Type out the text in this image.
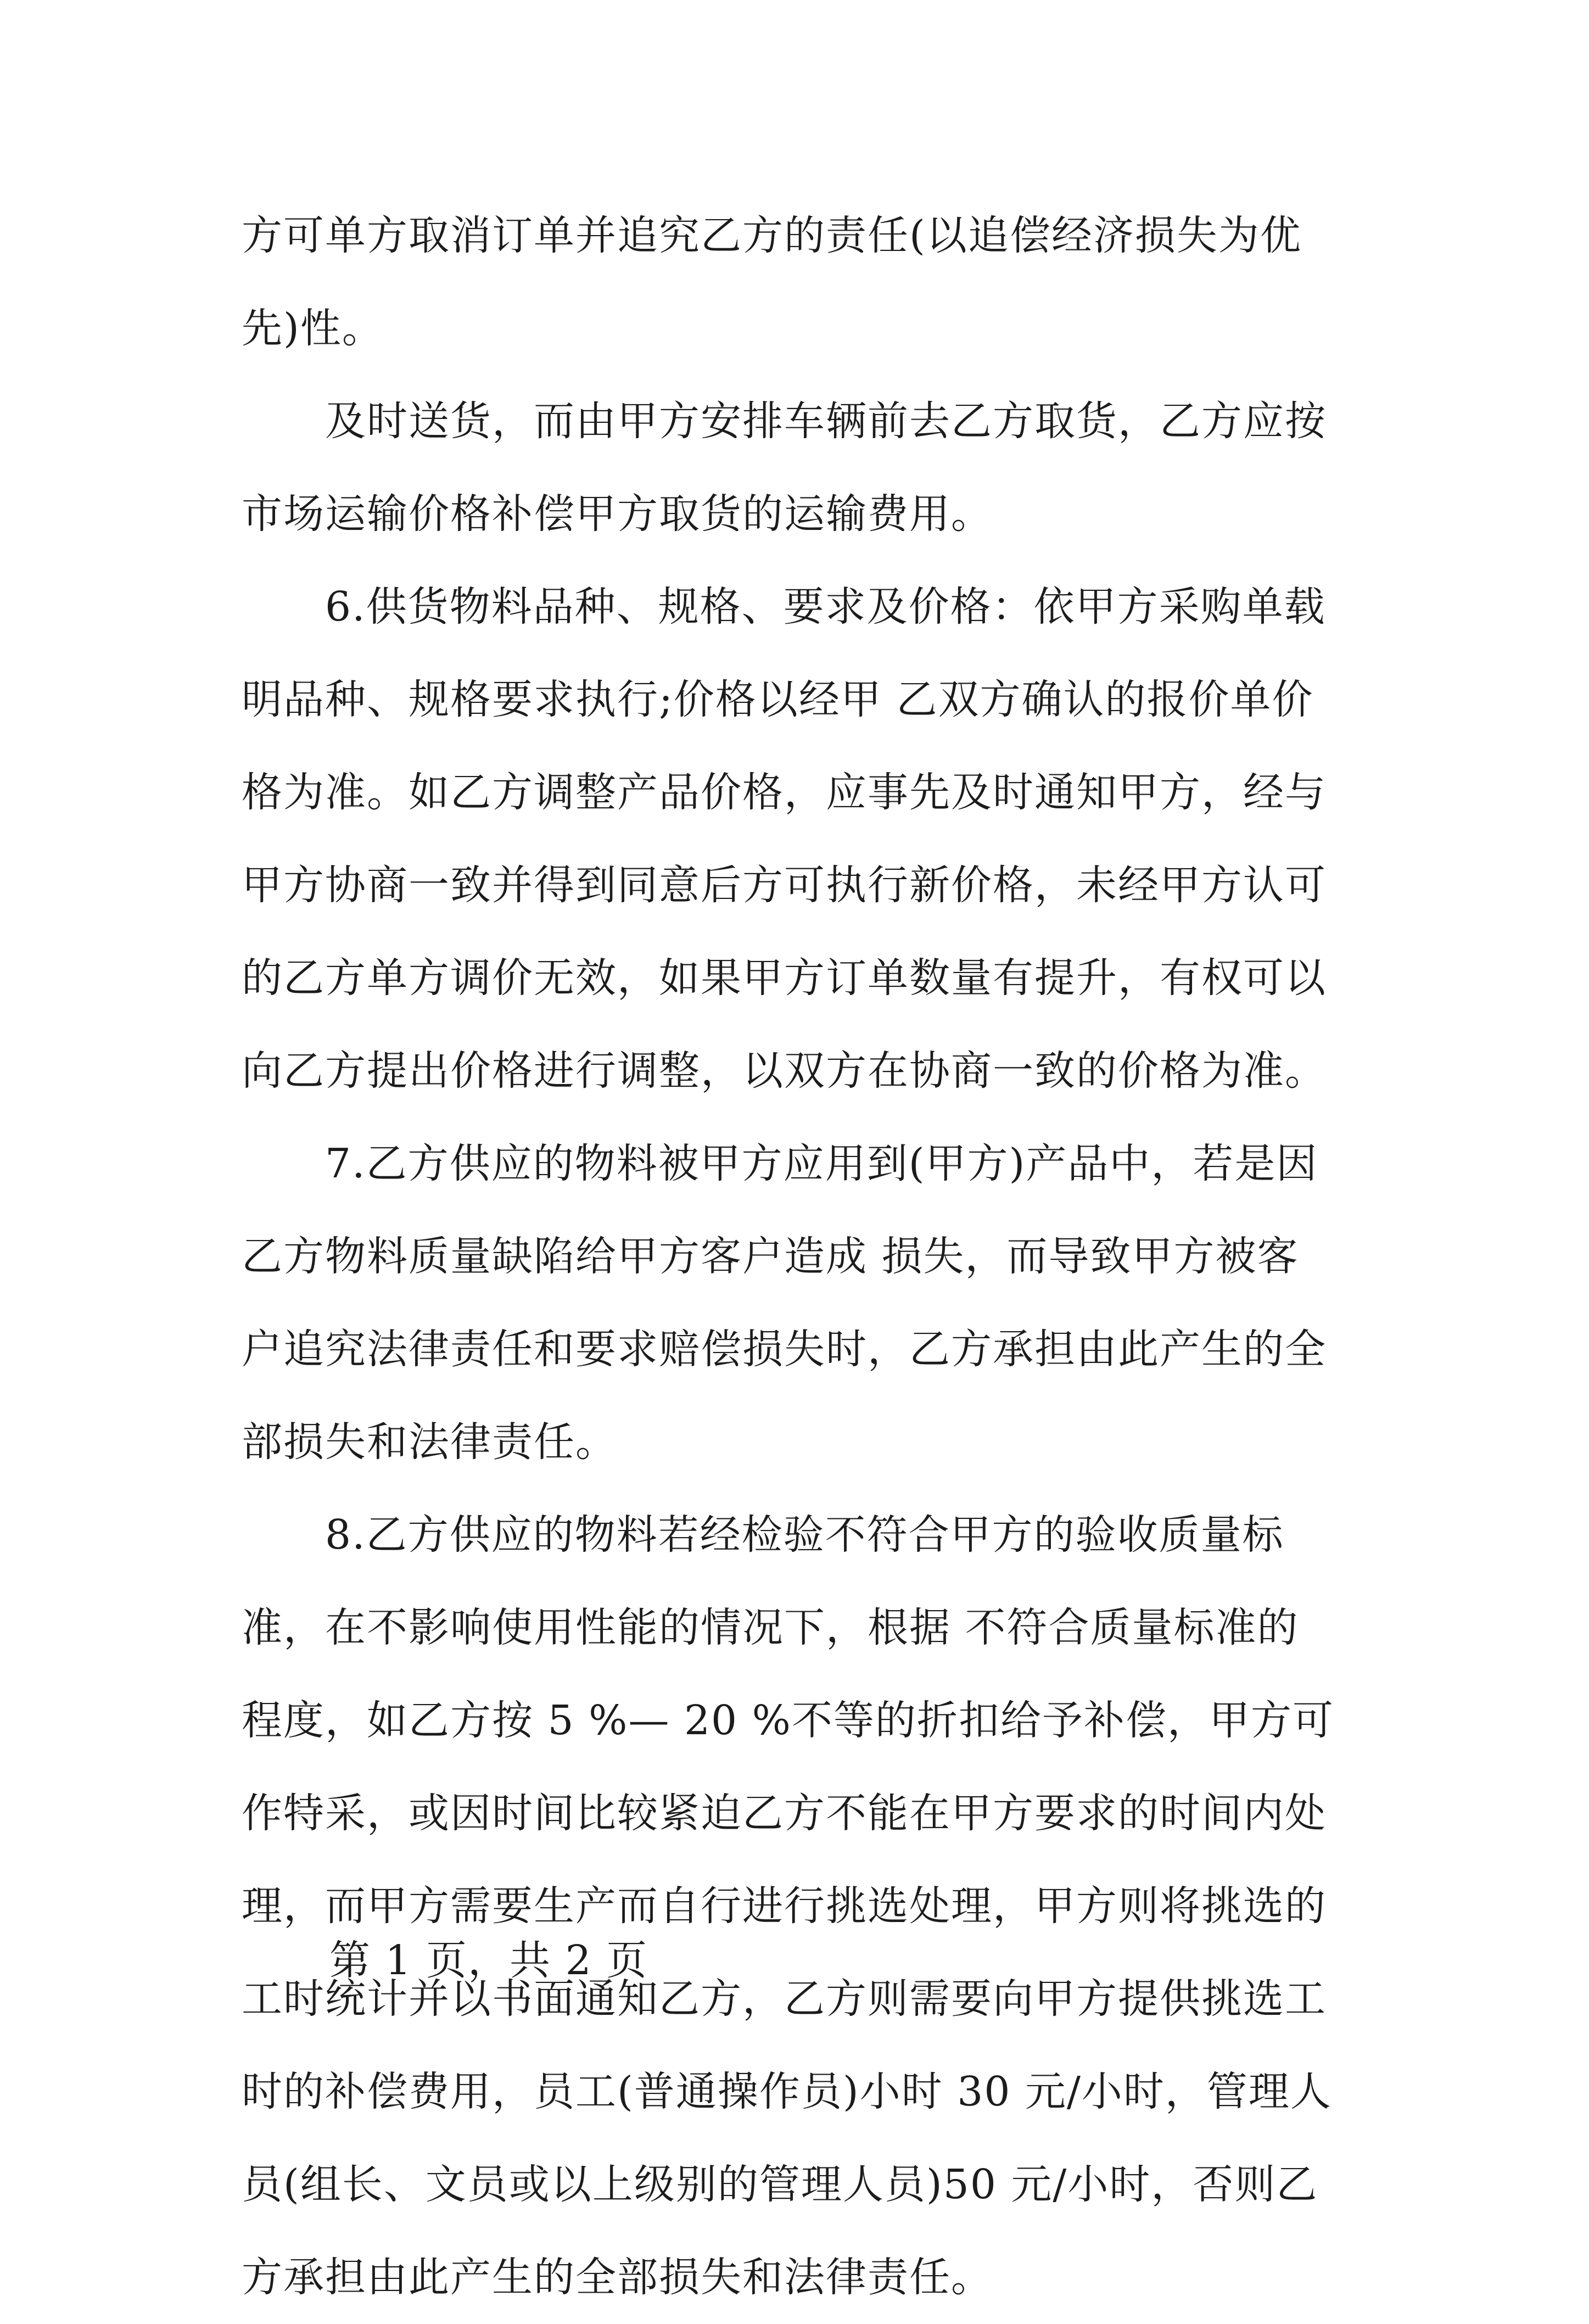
方可单方取消订单并追究乙方的责任(以追偿经济损失为优
先)性。
　　及时送货，而由甲方安排车辆前去乙方取货，乙方应按
市场运输价格补偿甲方取货的运输费用。
　　6.供货物料品种、规格、要求及价格：依甲方采购单载
明品种、规格要求执行;价格以经甲 乙双方确认的报价单价
格为准。如乙方调整产品价格，应事先及时通知甲方，经与
甲方协商一致并得到同意后方可执行新价格，未经甲方认可
的乙方单方调价无效，如果甲方订单数量有提升，有权可以
向乙方提出价格进行调整，以双方在协商一致的价格为准。
　　7.乙方供应的物料被甲方应用到(甲方)产品中，若是因
乙方物料质量缺陷给甲方客户造成 损失，而导致甲方被客
户追究法律责任和要求赔偿损失时，乙方承担由此产生的全
部损失和法律责任。
　　8.乙方供应的物料若经检验不符合甲方的验收质量标
准，在不影响使用性能的情况下，根据 不符合质量标准的
程度，如乙方按 5 %— 20 %不等的折扣给予补偿，甲方可
作特采，或因时间比较紧迫乙方不能在甲方要求的时间内处
理，而甲方需要生产而自行进行挑选处理，甲方则将挑选的
工时统计并以书面通知乙方，乙方则需要向甲方提供挑选工
时的补偿费用，员工(普通操作员)小时 30 元/小时，管理人
员(组长、文员或以上级别的管理人员)50 元/小时，否则乙
方承担由此产生的全部损失和法律责任。
第 1 页，共 2 页
